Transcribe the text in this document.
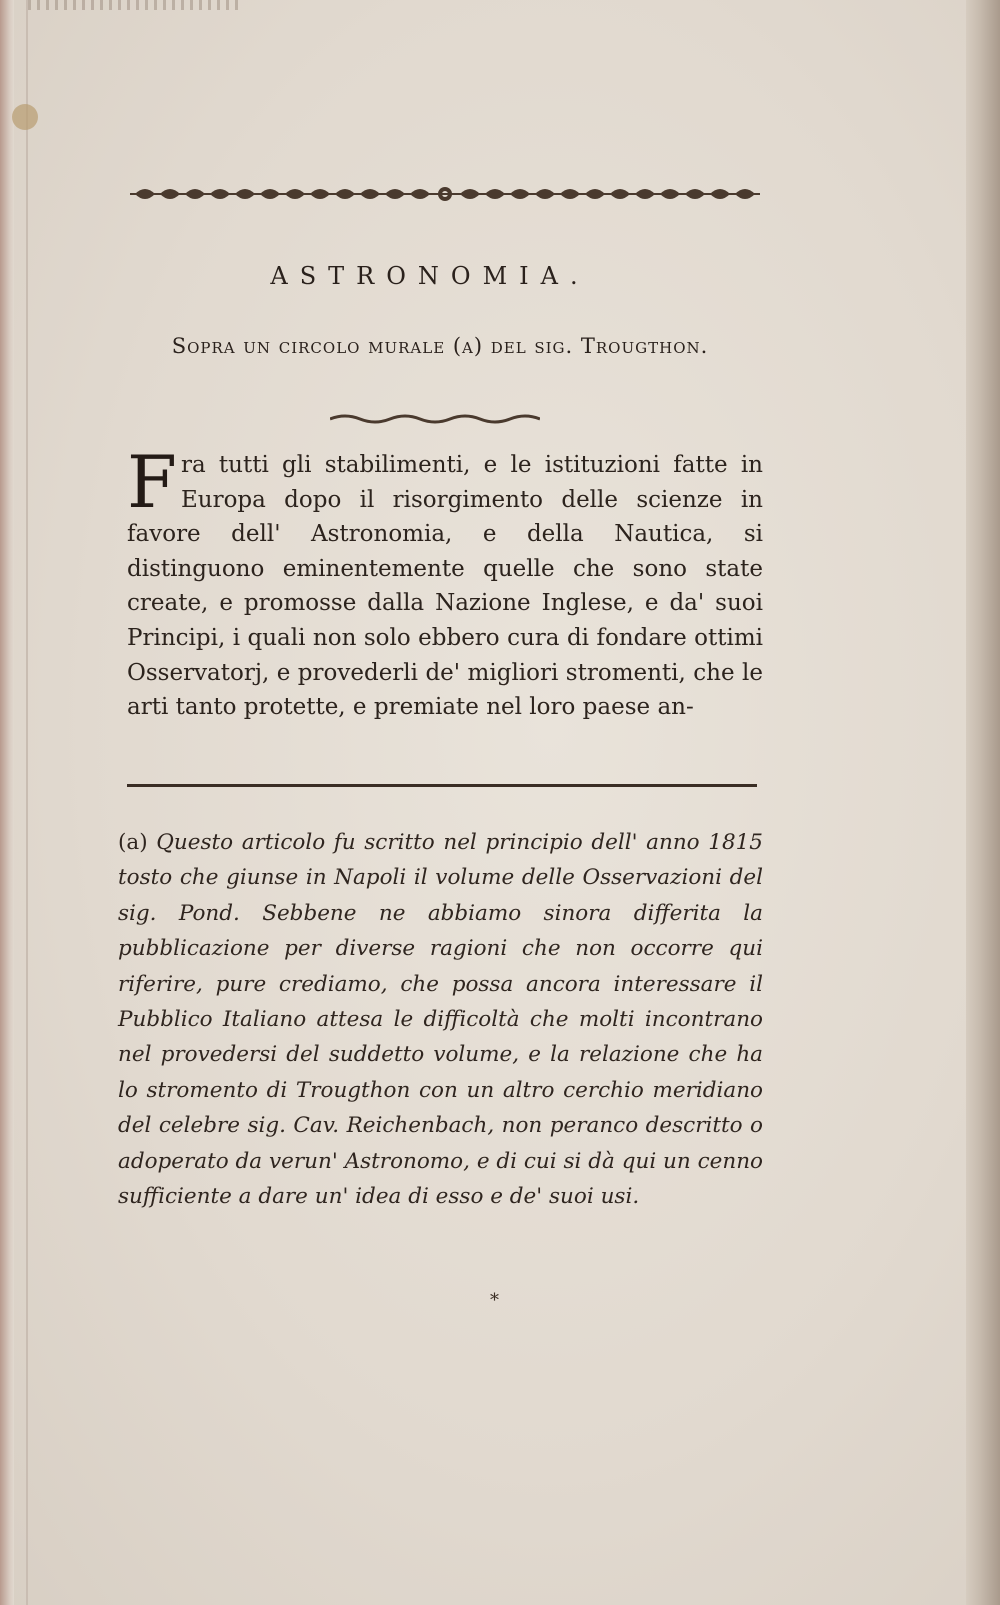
ASTRONOMIA.
Sopra un circolo murale (a) del sig. Trougthon.

Fra tutti gli stabilimenti, e le istituzioni fatte in Europa dopo il risorgimento delle scienze in favore dell' Astronomia, e della Nautica, si distinguono eminentemente quelle che sono state create, e promosse dalla Nazione Inglese, e da' suoi Principi, i quali non solo ebbero cura di fondare ottimi Osservatorj, e provederli de' migliori stromenti, che le arti tanto protette, e premiate nel loro paese an-

(a) Questo articolo fu scritto nel principio dell' anno 1815 tosto che giunse in Napoli il volume delle Osservazioni del sig. Pond. Sebbene ne abbiamo sinora differita la pubblicazione per diverse ragioni che non occorre qui riferire, pure crediamo, che possa ancora interessare il Pubblico Italiano attesa le difficoltà che molti incontrano nel provedersi del suddetto volume, e la relazione che ha lo stromento di Trougthon con un altro cerchio meridiano del celebre sig. Cav. Reichenbach, non peranco descritto o adoperato da verun' Astronomo, e di cui si dà qui un cenno sufficiente a dare un' idea di esso e de' suoi usi.

*
